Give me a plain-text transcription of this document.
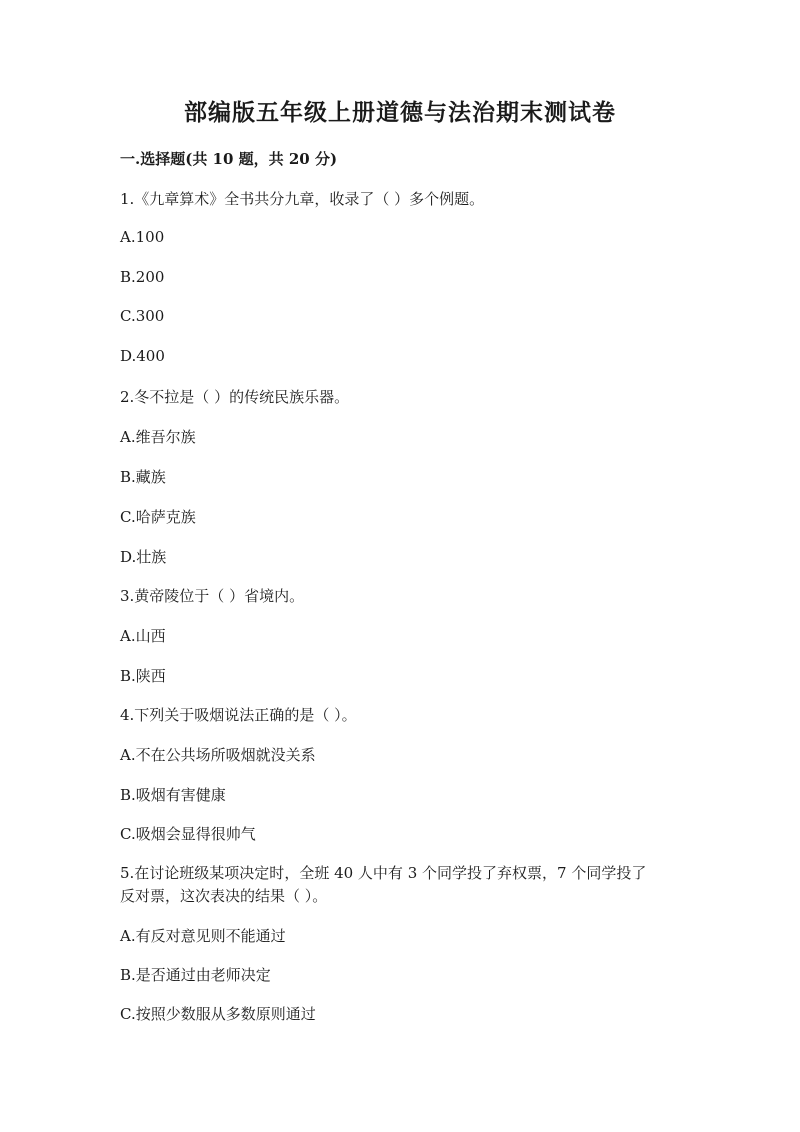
部编版五年级上册道德与法治期末测试卷
一.选择题(共 10 题，共 20 分)
1.《九章算术》全书共分九章，收录了（ ）多个例题。
A.100
B.200
C.300
D.400
2.冬不拉是（ ）的传统民族乐器。
A.维吾尔族
B.藏族
C.哈萨克族
D.壮族
3.黄帝陵位于（ ）省境内。
A.山西
B.陕西
4.下列关于吸烟说法正确的是（ ）。
A.不在公共场所吸烟就没关系
B.吸烟有害健康
C.吸烟会显得很帅气
5.在讨论班级某项决定时，全班 40 人中有 3 个同学投了弃权票，7 个同学投了
反对票，这次表决的结果（ ）。
A.有反对意见则不能通过
B.是否通过由老师决定
C.按照少数服从多数原则通过
